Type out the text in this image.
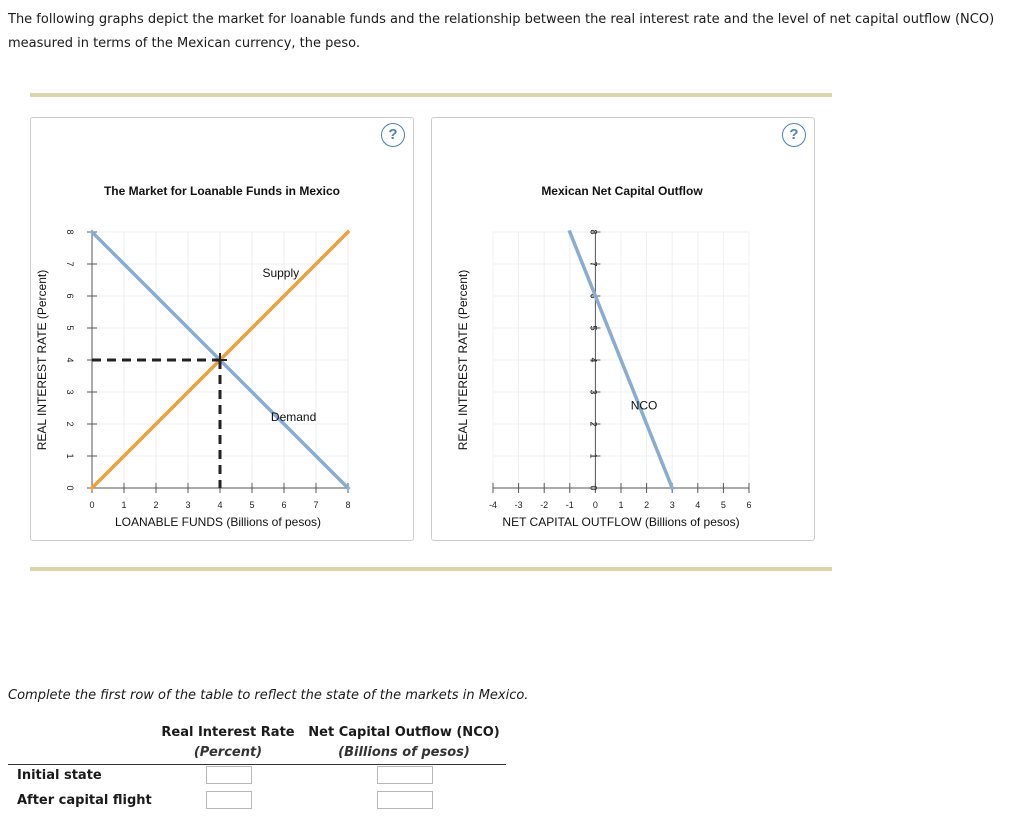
The following graphs depict the market for loanable funds and the relationship between the real interest rate and the level of net capital outflow (NCO) measured in terms of the Mexican currency, the peso.
?	?
0	1	2	3	4	5	6	7	8
0
1
2
3
4
5
6
7
8
The Market for Loanable Funds in Mexico
LOANABLE FUNDS (Billions of pesos)
REAL INTEREST RATE (Percent)	Supply
Demand
-4 -3 -2 -1 0 1 2 3 4 5 6
0
1
2
3
4
5
6
7
8
Mexican Net Capital Outflow
NET CAPITAL OUTFLOW (Billions of pesos)
REAL INTEREST RATE (Percent)	NCO
Complete the first row of the table to reflect the state of the markets in Mexico.
Real Interest Rate
(Percent)
Net Capital Outflow (NCO)
(Billions of pesos)
Initial state
After capital flight
